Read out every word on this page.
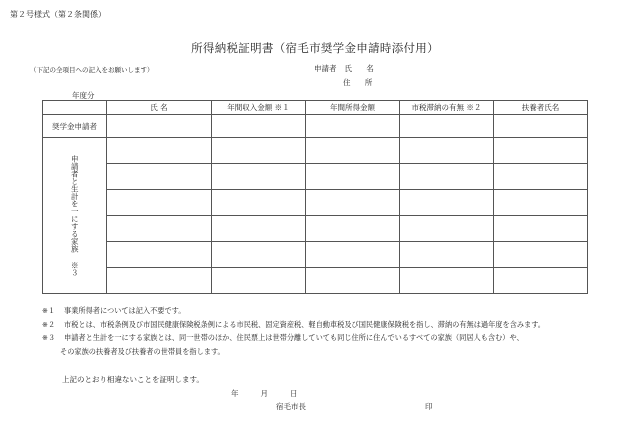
第２号様式（第２条関係）
所得納税証明書（宿毛市奨学金申請時添付用）
（下記の全項目への記入をお願いします）	申請者 氏 名
住 所
年度分
	氏 名	年間収入金額 ※１	年間所得金額	市税滞納の有無 ※２	扶養者氏名
奨学金申請者					

申請者と生計を一にする家族 ※３					

※１ 事業所得者については記入不要です。
※２ 市税とは、市税条例及び市国民健康保険税条例による市民税、固定資産税、軽自動車税及び国民健康保険税を指し、滞納の有無は過年度を含みます。
※３ 申請者と生計を一にする家族とは、同一世帯のほか、住民票上は世帯分離していても同じ住所に住んでいるすべての家族（同居人も含む）や、
その家族の扶養者及び扶養者の世帯員を指します。
上記のとおり相違ないことを証明します。
年	月	日
宿毛市長	印
